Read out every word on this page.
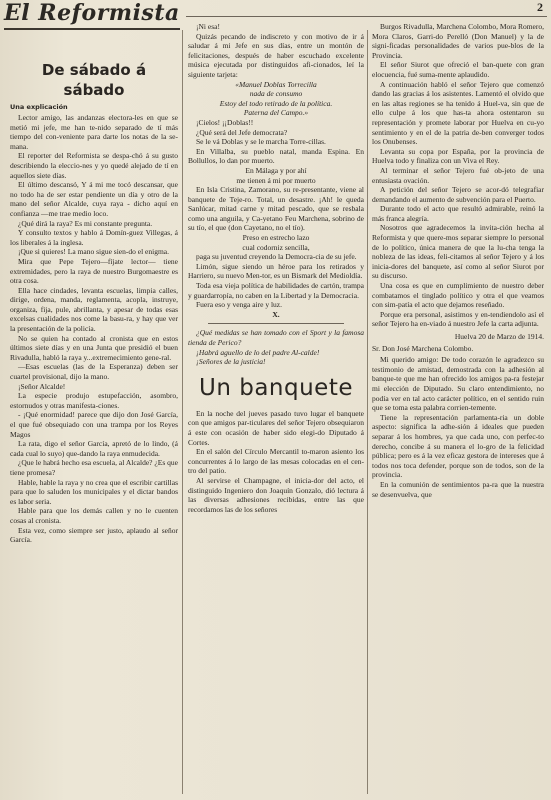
El Reformista	2
De sábado á sábado
Una explicación

Lector amigo, las andanzas electora-les en que se metió mi jefe, me han te-nido separado de tí más tiempo del con-veniente para darte los notas de la se-mana.

El reporter del Reformista se despa-chó á su gusto describiendo la eleccio-nes y yo quedé alejado de tí en aquellos siete días.

El último descansó, Y á mi me tocó descansar, que no todo ha de ser estar pendiente un día y otro de la mano del señor Alcalde, cuya raya - dicho aquí en confianza —me trae medio loco.

¿Qué dirá la raya? Es mi constante pregunta.

Y consulto textos y hablo á Domín-guez Villegas, á los liberales á la inglesa.

¡Que si quieres! La mano sigue sien-do el enigma.

Mira que Pepe Tejero—fíjate lector— tiene extremidades, pero la raya de nuestro Burgomaestre es otra cosa.

Ella hace cindades, levanta escuelas, limpia calles, dirige, ordena, manda, reglamenta, acopla, instruye, organiza, fija, pule, abrillanta, y apesar de todas esas excelsas cualidades nos come la basu-ra, y hay que ver la presentación de la policía.

No se quien ha contado al cronista que en estos últimos siete días y en una Junta que presidió el buen Rivadulla, habló la raya y...extremecimiento gene-ral.

—Esas escuelas (las de la Esperanza) deben ser cuartel provisional, dijo la mano.

¡Señor Alcalde!

La especie produjo estupefacción, asombro, estornudos y otras manifesta-ciones.

- ¡Qué enormidad! parece que dijo don José García, el que fué obsequiado con una trampa por los Reyes Magos

La rata, digo el señor García, apretó de lo lindo, (á cada cual lo suyo) que-dando la raya enmudecida.

¿Que le habrá hecho esa escuela, al Alcalde? ¿Es que tiene promesa?

Hable, hable la raya y no crea que el escribir cartillas para que lo saluden los municipales y el dictar bandos es labor seria.

Hable para que los demás callen y no le cuenten cosas al cronista.

Esta vez, como siempre ser justo, aplaudo al señor García.

¡Ni esa!

Quizás pecando de indiscreto y con motivo de ir á saludar á mi Jefe en sus días, entre un montón de felicitaciones, después de haber escuchado excelente música ejecutada por distinguidos afi-cionados, leí la siguiente tarjeta:

«Manuel Doblas Torrecilla

nada de consumo

Estoy del todo retirado de la política.

Paterna del Campo.»

¡Cielos! ¡¡Doblas!!

¿Qué será del Jefe democrata?

Se le vá Doblas y se le marcha Torre-cillas.

En Villalba, su pueblo natal, manda Espina. En Bollullos, lo dan por muerto.

En Málaga y por ahí

me tienen á mi por muerto

En Isla Cristina, Zamorano, su re-presentante, viene al banquete de Teje-ro. Total, un desastre. ¡Ah! le queda Sanlúcar, mitad carne y mitad pescado, que se resbala como una anguila, y Ca-yetano Feu Marchena, sobrino de su tío, el que (don Cayetano, no el tío).

Preso en estrecho lazo

cual codorniz sencilla,

paga su juventud creyendo la Democra-cia de su jefe.

Limón, sigue siendo un héroe para los retirados y Harriero, su nuevo Men-tor, es un Bismark del Medioldía.

Toda esa vieja política de habilidades de cartón, trampa y guardarropía, no caben en la Libertad y la Democracia.

Fuera eso y venga aire y luz.

X.

¿Qué medidas se han tomado con el Sport y la famosa tienda de Perico?

¡Habrá aguello de lo del padre Al-calde!

¡Señores de la justicia!

Un banquete

En la noche del jueves pasado tuvo lugar el banquete con que amigos par-ticulares del señor Tejero obsequiaron á este con ocasión de haber sido elegi-do Diputado á Cortes.

En el salón del Círculo Mercantil to-maron asiento los concurrentes á lo largo de las mesas colocadas en el cen-tro del patio.

Al servirse el Champagne, el inicia-dor del acto, el distinguido Ingeniero don Joaquín Gonzalo, dió lectura á las diversas adhesiones recibidas, entre las que recordamos las de los señores

Burgos Rivadulla, Marchena Colombo, Mora Romero, Mora Claros, Garri-do Perelló (Don Manuel) y la de signi-ficadas personalidades de varios pue-blos de la Provincia.

El señor Siurot que ofreció el ban-quete con gran elocuencia, fué suma-mente aplaudido.

A continuación habló el señor Tejero que comenzó dando las gracias á los asistentes. Lamentó el olvido que en las altas regiones se ha tenido á Huel-va, sin que de ello culpe á los que has-ta ahora ostentaron su representación y promete laborar por Huelva en cu-yo sentimiento y en el de la patria de-ben converger todos los Onubenses.

Levanta su copa por España, por la provincia de Huelva todo y finaliza con un Viva el Rey.

Al terminar el señor Tejero fué ob-jeto de una entusiasta ovación.

A petición del señor Tejero se acor-dó telegrafiar demandando el aumento de subvención para el Puerto.

Durante todo el acto que resultó admirable, reinó la más franca alegría.

Nosotros que agradecemos la invita-ción hecha al Reformista y que quere-mos separar siempre lo personal de lo político, única manera de que la lu-cha tenga la nobleza de las ideas, feli-citamos al señor Tejero y á los inicia-dores del banquete, así como al señor Siurot por su discurso.

Una cosa es que en cumplimiento de nuestro deber combatamos el tinglado político y otra el que veamos con sim-patía el acto que dejamos reseñado.

Porque era personal, asistimos y en-tendiendolo así el señor Tejero ha en-viado á nuestro Jefe la carta adjunta.

Huelva 20 de Marzo de 1914.

Sr. Don José Marchena Colombo.

Mi querido amigo: De todo corazón le agradezco su testimonio de amistad, demostrada con la adhesión al banque-te que me han ofrecido los amigos pa-ra festejar mi elección de Diputado. Su claro entendimiento, no podía ver en tal acto carácter político, en el sentido ruin que se toma esta palabra corrien-temente.

Tiene la representación parlamenta-ria un doble aspecto: significa la adhe-sión á ideales que pueden separar á los hombres, ya que cada uno, con perfec-to derecho, concibe á su manera el lo-gro de la felicidad pública; pero es á la vez eficaz gestora de intereses que á todos nos toca defender, porque son de todos, son de la provincia.

En la comunión de sentimientos pa-ra que la nuestra se desenvuelva, que
